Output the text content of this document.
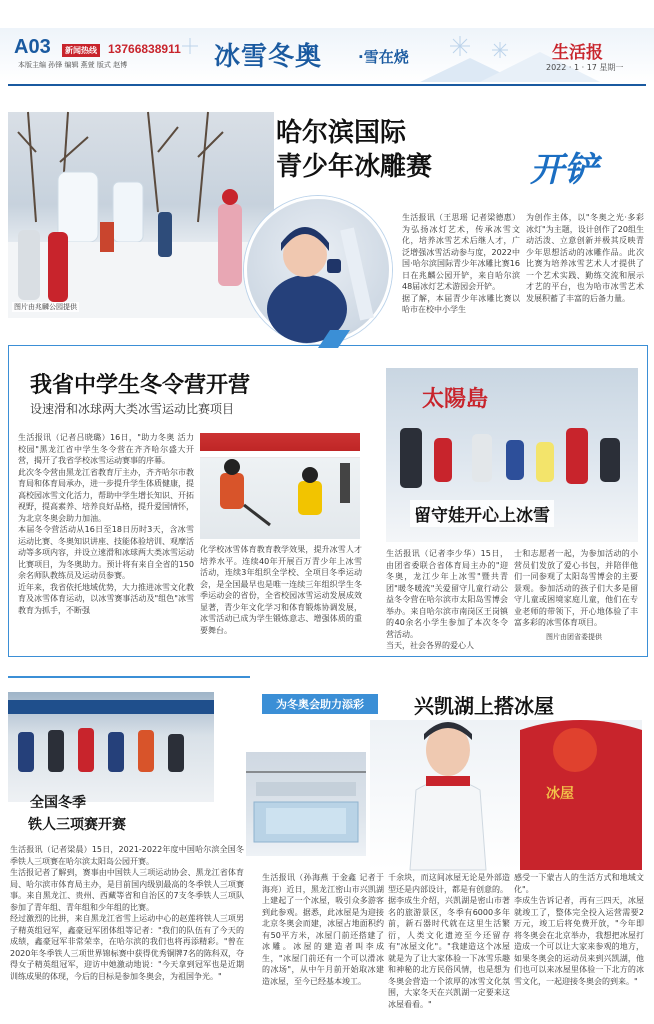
A03	新闻热线 13766838911
本版主编 孙锋 编辑 燕萱 版式 赵博	冰雪冬奥 ·雪在烧	生活报
2022 · 1 · 17 星期一
图片由兆麟公园提供
哈尔滨国际
青少年冰雕赛	开铲
生活报讯（王思瑶 记者梁德惠）为弘扬冰灯艺术，传承冰雪文化，培养冰雪艺术后继人才，广泛增强冰雪活动参与度，2022中国·哈尔滨国际青少年冰雕比赛16日在兆麟公园开铲，来自哈尔滨48届冰灯艺术游园会开铲。
据了解，本届青少年冰雕比赛以哈市在校中小学生
为创作主体，以"冬奥之光·多彩冰灯"为主题，设计创作了20组生动活泼、立意创新并极其反映青少年思想活动的冰雕作品。此次比赛为培养冰雪艺术人才提供了一个艺术实践、勤练交流和展示才艺的平台，也为哈市冰雪艺术发展积蓄了丰富的后备力量。
我省中学生冬令营开营
设速滑和冰球两大类冰雪运动比赛项目
生活报讯（记者吕晓璐）16日，"助力冬奥 活力校园"黑龙江省中学生冬令营在齐齐哈尔盛大开营，揭开了我省学校冰雪运动赛事的序幕。
此次冬令营由黑龙江省教育厅主办，齐齐哈尔市教育局和体育局承办，进一步提升学生体质健康，提高校园冰雪文化活力，帮助中学生增长知识、开拓视野，提高素养、培养良好品格，提升爱国情怀，为北京冬奥会助力加油。
本届冬令营活动从16日至18日历时3天，含冰雪运动比赛、冬奥知识讲座、技能体验培训、观摩活动等多项内容，并设立速滑和冰球两大类冰雪运动比赛项目，为冬奥助力。预计将有来自全省的150余名师队教练员及运动员参赛。
近年来，我省依托地域优势，大力推进冰雪文化教育及冰雪体育运动，以冰雪赛事活动及"组色"冰雪教育为抓手，不断强
化学校冰雪体育教育教学效果，提升冰雪人才培养水平。连续40年开展百万青少年上冰雪活动，连续3年组织全学校、全项目冬季运动会，是全国最早也是唯一连续三年组织学生冬季运动会的省份，全省校园冰雪运动发展成效显著，青少年文化学习和体育锻炼协调发展，冰雪活动已成为学生锻炼意志、增强体质的重要舞台。
太陽島
留守娃开心上冰雪
生活报讯（记者李少华）15日，由团省委联合省体育局主办的"迎冬奥，龙江少年上冰雪"暨共青团"暖冬暖流"关爱留守儿童行动公益冬令营在哈尔滨市太阳岛雪博会举办。来自哈尔滨市南岗区王岗镇的40余名小学生参加了本次冬令营活动。
当天，社会各界的爱心人
士和志愿者一起，为参加活动的小营员们发放了爱心书包，并陪伴他们一同参观了太阳岛雪博会的主要景观。参加活动的孩子们大多是留守儿童或困境家庭儿童，他们在专业老师的带领下，开心地体验了丰富多彩的冰雪体育项目。
图片由团省委提供
全国冬季
铁人三项赛开赛
生活报讯（记者梁晨）15日，2021-2022年度中国哈尔滨全国冬季铁人三项赛在哈尔滨太阳岛公园开赛。
生活报记者了解到，赛事由中国铁人三项运动协会、黑龙江省体育局、哈尔滨市体育局主办，是目前国内级别最高的冬季铁人三项赛事。来自黑龙江、贵州、西藏等省和自治区的7支冬季铁人三项队参加了青年组、青年组和少年组的比赛。
经过激烈的比拼，来自黑龙江省雪上运动中心的赵莲将铁人三项男子精英组冠军，鑫豪冠军团体组等记者："我们的队伍有了今天的成绩，鑫豪冠军非常荣幸，在哈尔滨的我们也将再添精彩。"曾在2020年冬季铁人三项世界锦标赛中获得优秀铜牌7名的陈科双，夺得女子精英组冠军，迎访中她激动地说："今天拿到冠军也是近期训练成果的体现，今后的目标是参加冬奥会，为祖国争光。"
为冬奥会助力添彩	兴凯湖上搭冰屋
冰屋
生活报讯（孙海燕 于金鑫 记者于海亮）近日，黑龙江密山市兴凯湖上建起了一个冰屋，吸引众多游客到此参观。据悉，此冰屋是为迎接北京冬奥会而建，冰屋占地面积约有50平方米，冰屋门前还搭建了冰雕。冰屋的建造者叫李成生，"冰屋门前还有一个可以滑冰的冰场"，从中午月前开始取冰建造冰屋，至今已经基本竣工。
千余块，而这间冰屋无论是外部造型还是内部设计，都是有创意的。
据李成生介绍，兴凯湖是密山市著名的旅游景区，冬季有6000多年前，新石器时代就在这里生活繁衍，人类文化遗迹至今还留存有"冰屋文化"。"我建造这个冰屋就是为了让大家体验一下冰雪乐趣和神秘的北方民俗风情，也是想为冬奥会营造一个浓厚的冰雪文化氛围，大家冬天在兴凯湖一定要来这冰屋看看。"
感受一下蒙古人的生活方式和地域文化"。
李成生告诉记者，再有三四天，冰屋就竣工了，整体完全投入运营需要2万元，竣工后将免费开放，"今年即将冬奥会在北京举办，我想把冰屋打造成一个可以让大家来参观的地方，如果冬奥会的运动员来到兴凯湖，他们也可以来冰屋里体验一下北方的冰雪文化，一起迎接冬奥会的到来。"
